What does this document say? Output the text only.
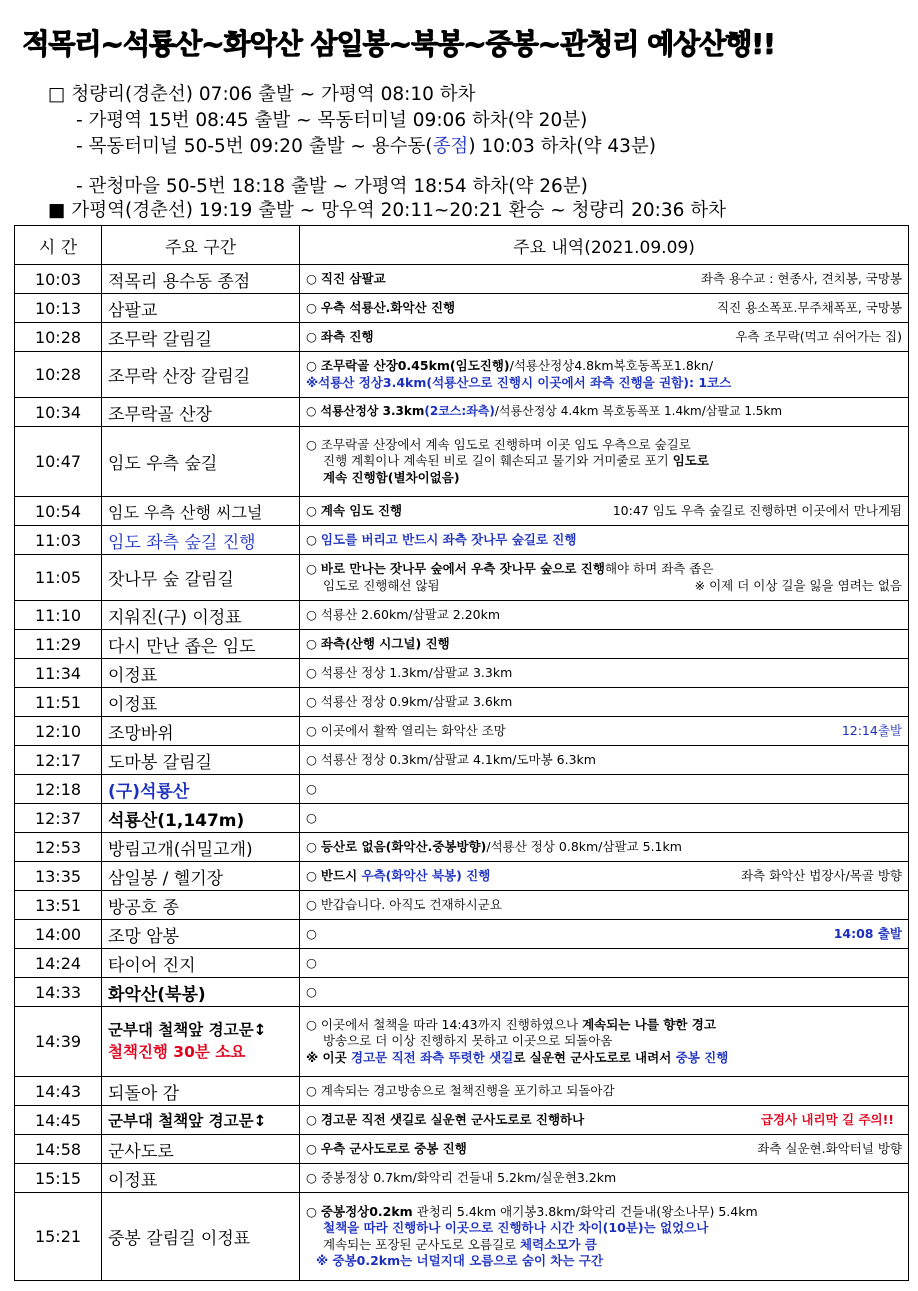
적목리~석룡산~화악산 삼일봉~북봉~중봉~관청리 예상산행!!
□ 청량리(경춘선) 07:06 출발 ~ 가평역 08:10 하차
- 가평역 15번 08:45 출발 ~ 목동터미널 09:06 하차(약 20분)
- 목동터미널 50-5번 09:20 출발 ~ 용수동(종점) 10:03 하차(약 43분)
- 관청마을 50-5번 18:18 출발 ~ 가평역 18:54 하차(약 26분)
■ 가평역(경춘선) 19:19 출발 ~ 망우역 20:11~20:21 환승 ~ 청량리 20:36 하차
시 간	주요 구간	주요 내역(2021.09.09)
10:03	적목리 용수동 종점	○ 직진 삼팔교 좌측 용수교 : 현종사, 견치봉, 국망봉

10:13	삼팔교	○ 우측 석룡산.화악산 진행 직진 용소폭포.무주채폭포, 국망봉

10:28	조무락 갈림길	○ 좌측 진행 우측 조무락(먹고 쉬어가는 집)

10:28	조무락 산장 갈림길	○ 조무락골 산장0.45km(임도진행)/석룡산정상4.8km복호동폭포1.8kn/
※석룡산 정상3.4km(석룡산으로 진행시 이곳에서 좌측 진행을 권함): 1코스
10:34	조무락골 산장	○ 석룡산정상 3.3km(2코스:좌측)/석룡산정상 4.4km 복호동폭포 1.4km/삼팔교 1.5km
10:47	임도 우측 숲길	○ 조무락골 산장에서 계속 임도로 진행하며 이곳 임도 우측으로 숲길로
진행 계획이나 계속된 비로 길이 훼손되고 물기와 거미줄로 포기 임도로
계속 진행함(별차이없음)

10:54	임도 우측 산행 씨그널	○ 계속 임도 진행 10:47 임도 우측 숲길로 진행하면 이곳에서 만나게됨

11:03	임도 좌측 숲길 진행	○ 임도를 버리고 반드시 좌측 잣나무 숲길로 진행
11:05	잣나무 숲 갈림길	○ 바로 만나는 잣나무 숲에서 우측 잣나무 숲으로 진행해야 하며 좌측 좁은
임도로 진행해선 않됨 ※ 이제 더 이상 길을 잃을 염려는 없음

11:10	지워진(구) 이정표	○ 석룡산 2.60km/삼팔교 2.20km
11:29	다시 만난 좁은 임도	○ 좌측(산행 시그널) 진행
11:34	이정표	○ 석룡산 정상 1.3km/삼팔교 3.3km
11:51	이정표	○ 석룡산 정상 0.9km/삼팔교 3.6km
12:10	조망바위	○ 이곳에서 활짝 열리는 화악산 조망 12:14출발

12:17	도마봉 갈림길	○ 석룡산 정상 0.3km/삼팔교 4.1km/도마봉 6.3km
12:18	(구)석룡산	○
12:37	석룡산(1,147m)	○
12:53	방림고개(쉬밀고개)	○ 등산로 없음(화악산.중봉방향)/석룡산 정상 0.8km/삼팔교 5.1km
13:35	삼일봉 / 헬기장	○ 반드시 우측(화악산 북봉) 진행 좌측 화악산 법장사/목골 방향

13:51	방공호 종	○ 반갑습니다. 아직도 건재하시군요
14:00	조망 암봉	○ 14:08 출발

14:24	타이어 진지	○
14:33	화악산(북봉)	○
14:39	군부대 철책앞 경고문↕
철책진행 30분 소요	○ 이곳에서 철책을 따라 14:43까지 진행하였으나 계속되는 나를 향한 경고
방송으로 더 이상 진행하지 못하고 이곳으로 되돌아옴
※ 이곳 경고문 직전 좌측 뚜렷한 샛길로 실운현 군사도로로 내려서 중봉 진행
14:43	되돌아 감	○ 계속되는 경고방송으로 철책진행을 포기하고 되돌아감
14:45	군부대 철책앞 경고문↕	○ 경고문 직전 샛길로 실운현 군사도로로 진행하나 급경사 내리막 길 주의!!

14:58	군사도로	○ 우측 군사도로로 중봉 진행 좌측 실운현.화악터널 방향

15:15	이정표	○ 중봉정상 0.7km/화악리 건들내 5.2km/실운현3.2km
15:21	중봉 갈림길 이정표	○ 중봉정상0.2km 관청리 5.4km 애기봉3.8km/화악리 건들내(왕소나무) 5.4km
철책을 따라 진행하나 이곳으로 진행하나 시간 차이(10분)는 없었으나
계속되는 포장된 군사도로 오름길로 체력소모가 큼
※ 중봉0.2km는 너덜지대 오름으로 숨이 차는 구간
